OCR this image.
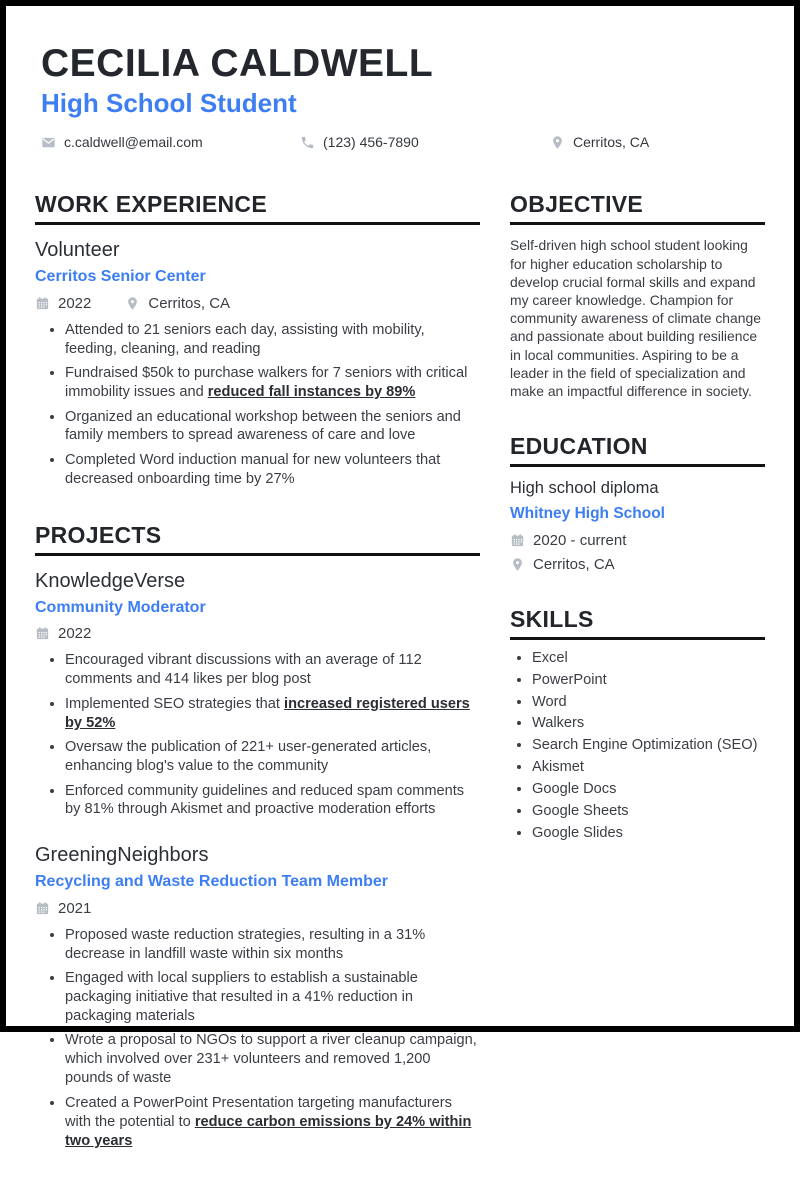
CECILIA CALDWELL
High School Student
c.caldwell@email.com	(123) 456-7890	Cerritos, CA
WORK EXPERIENCE
Volunteer
Cerritos Senior Center
2022	Cerritos, CA
• Attended to 21 seniors each day, assisting with mobility, feeding, cleaning, and reading
• Fundraised $50k to purchase walkers for 7 seniors with critical immobility issues and reduced fall instances by 89%
• Organized an educational workshop between the seniors and family members to spread awareness of care and love
• Completed Word induction manual for new volunteers that decreased onboarding time by 27%
PROJECTS
KnowledgeVerse
Community Moderator
2022
• Encouraged vibrant discussions with an average of 112 comments and 414 likes per blog post
• Implemented SEO strategies that increased registered users by 52%
• Oversaw the publication of 221+ user-generated articles, enhancing blog's value to the community
• Enforced community guidelines and reduced spam comments by 81% through Akismet and proactive moderation efforts
GreeningNeighbors
Recycling and Waste Reduction Team Member
2021
• Proposed waste reduction strategies, resulting in a 31% decrease in landfill waste within six months
• Engaged with local suppliers to establish a sustainable packaging initiative that resulted in a 41% reduction in packaging materials
• Wrote a proposal to NGOs to support a river cleanup campaign, which involved over 231+ volunteers and removed 1,200 pounds of waste
• Created a PowerPoint Presentation targeting manufacturers with the potential to reduce carbon emissions by 24% within two years
OBJECTIVE

Self-driven high school student looking for higher education scholarship to develop crucial formal skills and expand my career knowledge. Champion for community awareness of climate change and passionate about building resilience in local communities. Aspiring to be a leader in the field of specialization and make an impactful difference in society.

EDUCATION
High school diploma
Whitney High School
2020 - current
Cerritos, CA
SKILLS
• Excel
• PowerPoint
• Word
• Walkers
• Search Engine Optimization (SEO)
• Akismet
• Google Docs
• Google Sheets
• Google Slides
